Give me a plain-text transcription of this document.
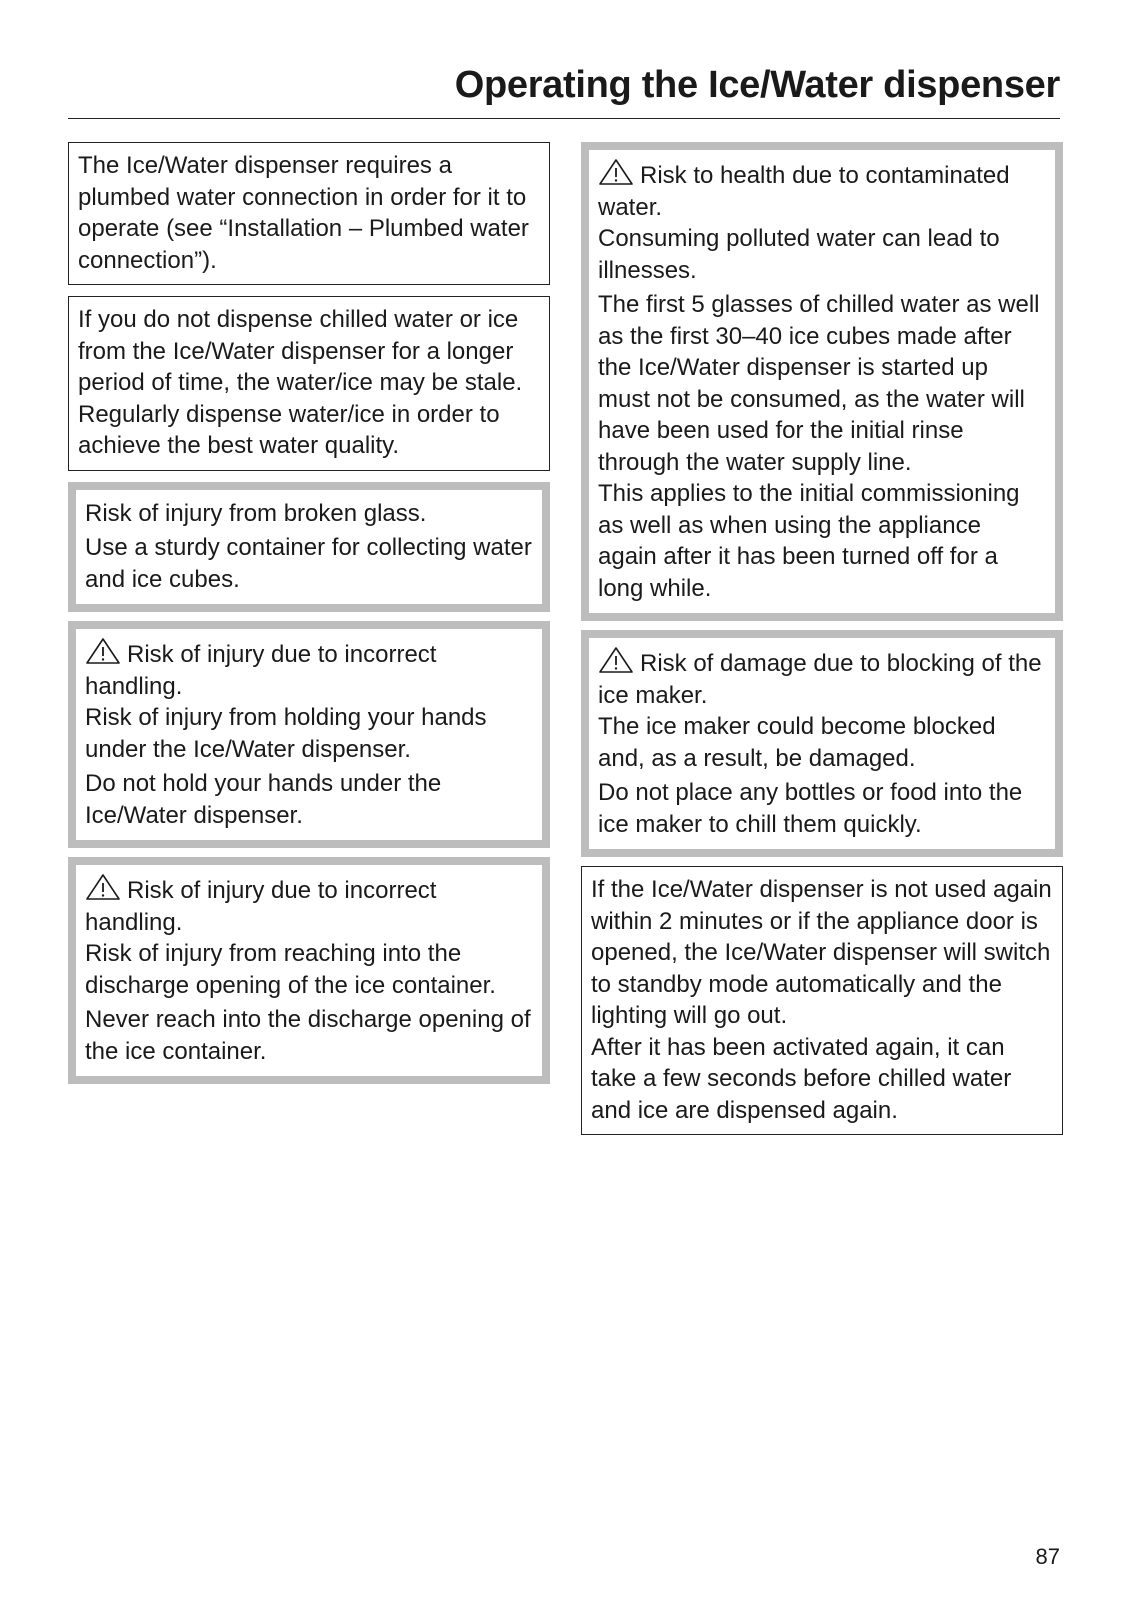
Operating the Ice/Water dispenser
The Ice/Water dispenser requires a plumbed water connection in order for it to operate (see “Installation – Plumbed water connection”).
If you do not dispense chilled water or ice from the Ice/Water dispenser for a longer period of time, the water/ice may be stale. Regularly dispense water/ice in order to achieve the best water quality.
Risk of injury from broken glass.
Use a sturdy container for collecting water and ice cubes.
Risk of injury due to incorrect handling.
Risk of injury from holding your hands under the Ice/Water dispenser.
Do not hold your hands under the Ice/Water dispenser.
Risk of injury due to incorrect handling.
Risk of injury from reaching into the discharge opening of the ice container.
Never reach into the discharge opening of the ice container.
Risk to health due to contaminated water.
Consuming polluted water can lead to illnesses.
The first 5 glasses of chilled water as well as the first 30–40 ice cubes made after the Ice/Water dispenser is started up must not be consumed, as the water will have been used for the initial rinse through the water supply line.
This applies to the initial commissioning as well as when using the appliance again after it has been turned off for a long while.
Risk of damage due to blocking of the ice maker.
The ice maker could become blocked and, as a result, be damaged.
Do not place any bottles or food into the ice maker to chill them quickly.
If the Ice/Water dispenser is not used again within 2 minutes or if the appliance door is opened, the Ice/Water dispenser will switch to standby mode automatically and the lighting will go out.
After it has been activated again, it can take a few seconds before chilled water and ice are dispensed again.
87
